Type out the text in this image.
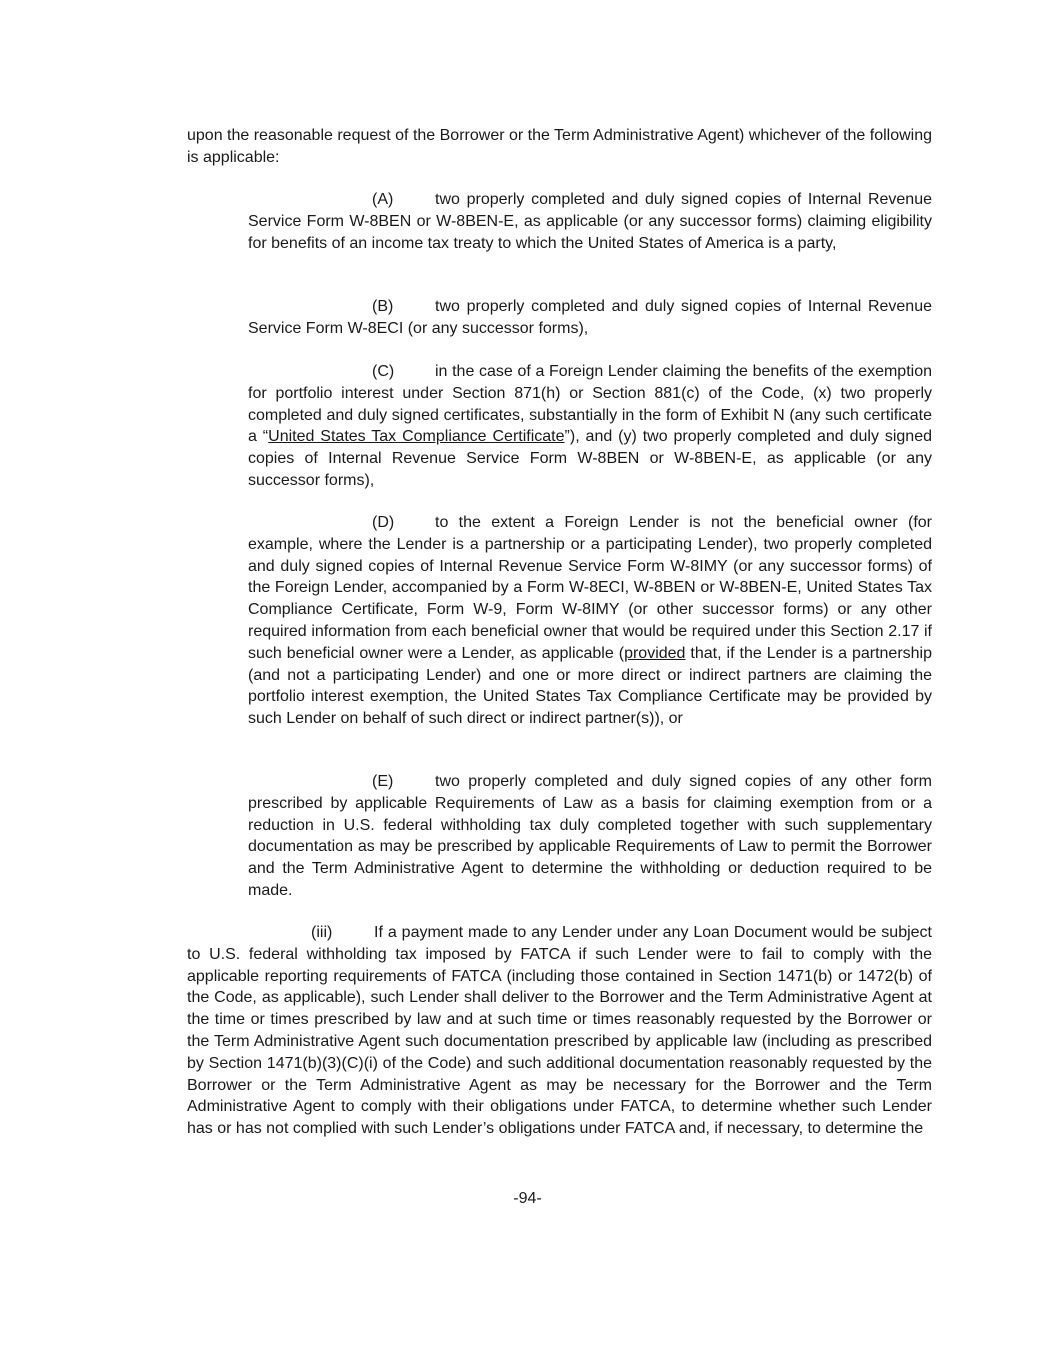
upon the reasonable request of the Borrower or the Term Administrative Agent) whichever of the following is applicable:

(A)	two properly completed and duly signed copies of Internal Revenue Service Form W-8BEN or W-8BEN-E, as applicable (or any successor forms) claiming eligibility for benefits of an income tax treaty to which the United States of America is a party,

(B)	two properly completed and duly signed copies of Internal Revenue Service Form W-8ECI (or any successor forms),

(C)	in the case of a Foreign Lender claiming the benefits of the exemption for portfolio interest under Section 871(h) or Section 881(c) of the Code, (x) two properly completed and duly signed certificates, substantially in the form of Exhibit N (any such certificate a “United States Tax Compliance Certificate”), and (y) two properly completed and duly signed copies of Internal Revenue Service Form W-8BEN or W-8BEN-E, as applicable (or any successor forms),

(D)	to the extent a Foreign Lender is not the beneficial owner (for example, where the Lender is a partnership or a participating Lender), two properly completed and duly signed copies of Internal Revenue Service Form W-8IMY (or any successor forms) of the Foreign Lender, accompanied by a Form W-8ECI, W-8BEN or W-8BEN-E, United States Tax Compliance Certificate, Form W-9, Form W-8IMY (or other successor forms) or any other required information from each beneficial owner that would be required under this Section 2.17 if such beneficial owner were a Lender, as applicable (provided that, if the Lender is a partnership (and not a participating Lender) and one or more direct or indirect partners are claiming the portfolio interest exemption, the United States Tax Compliance Certificate may be provided by such Lender on behalf of such direct or indirect partner(s)), or

(E)	two properly completed and duly signed copies of any other form prescribed by applicable Requirements of Law as a basis for claiming exemption from or a reduction in U.S. federal withholding tax duly completed together with such supplementary documentation as may be prescribed by applicable Requirements of Law to permit the Borrower and the Term Administrative Agent to determine the withholding or deduction required to be made.

(iii)	If a payment made to any Lender under any Loan Document would be subject to U.S. federal withholding tax imposed by FATCA if such Lender were to fail to comply with the applicable reporting requirements of FATCA (including those contained in Section 1471(b) or 1472(b) of the Code, as applicable), such Lender shall deliver to the Borrower and the Term Administrative Agent at the time or times prescribed by law and at such time or times reasonably requested by the Borrower or the Term Administrative Agent such documentation prescribed by applicable law (including as prescribed by Section 1471(b)(3)(C)(i) of the Code) and such additional documentation reasonably requested by the Borrower or the Term Administrative Agent as may be necessary for the Borrower and the Term Administrative Agent to comply with their obligations under FATCA, to determine whether such Lender has or has not complied with such Lender’s obligations under FATCA and, if necessary, to determine the

-94-
